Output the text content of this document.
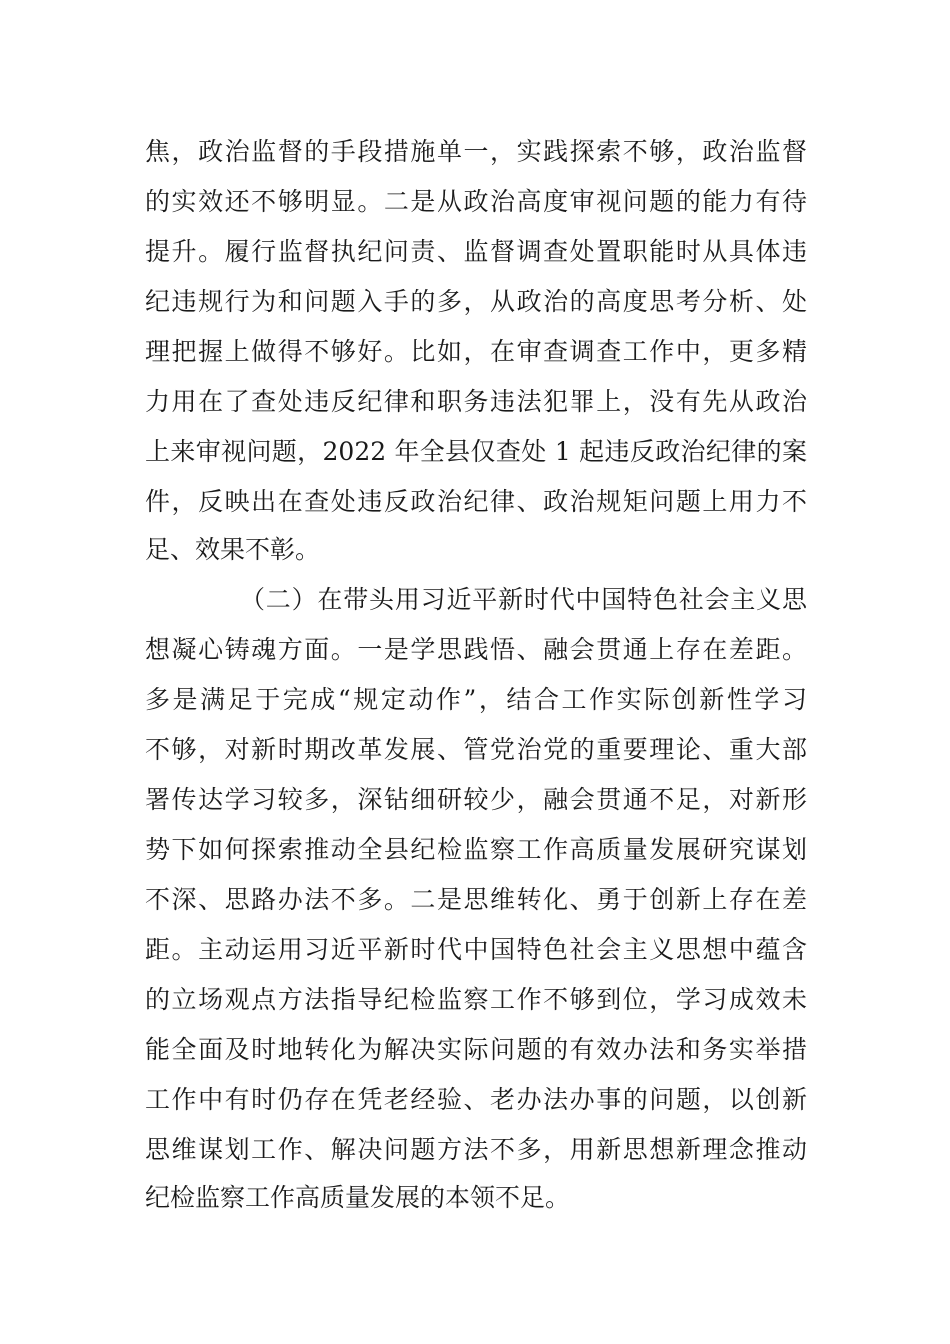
焦，政治监督的手段措施单一，实践探索不够，政治监督
的实效还不够明显。二是从政治高度审视问题的能力有待
提升。履行监督执纪问责、监督调查处置职能时从具体违
纪违规行为和问题入手的多，从政治的高度思考分析、处
理把握上做得不够好。比如，在审查调查工作中，更多精
力用在了查处违反纪律和职务违法犯罪上，没有先从政治
上来审视问题，2022 年全县仅查处 1 起违反政治纪律的案
件，反映出在查处违反政治纪律、政治规矩问题上用力不
足、效果不彰。
（二）在带头用习近平新时代中国特色社会主义思
想凝心铸魂方面。一是学思践悟、融会贯通上存在差距。
多是满足于完成“规定动作”，结合工作实际创新性学习
不够，对新时期改革发展、管党治党的重要理论、重大部
署传达学习较多，深钻细研较少，融会贯通不足，对新形
势下如何探索推动全县纪检监察工作高质量发展研究谋划
不深、思路办法不多。二是思维转化、勇于创新上存在差
距。主动运用习近平新时代中国特色社会主义思想中蕴含
的立场观点方法指导纪检监察工作不够到位，学习成效未
能全面及时地转化为解决实际问题的有效办法和务实举措
工作中有时仍存在凭老经验、老办法办事的问题，以创新
思维谋划工作、解决问题方法不多，用新思想新理念推动
纪检监察工作高质量发展的本领不足。
